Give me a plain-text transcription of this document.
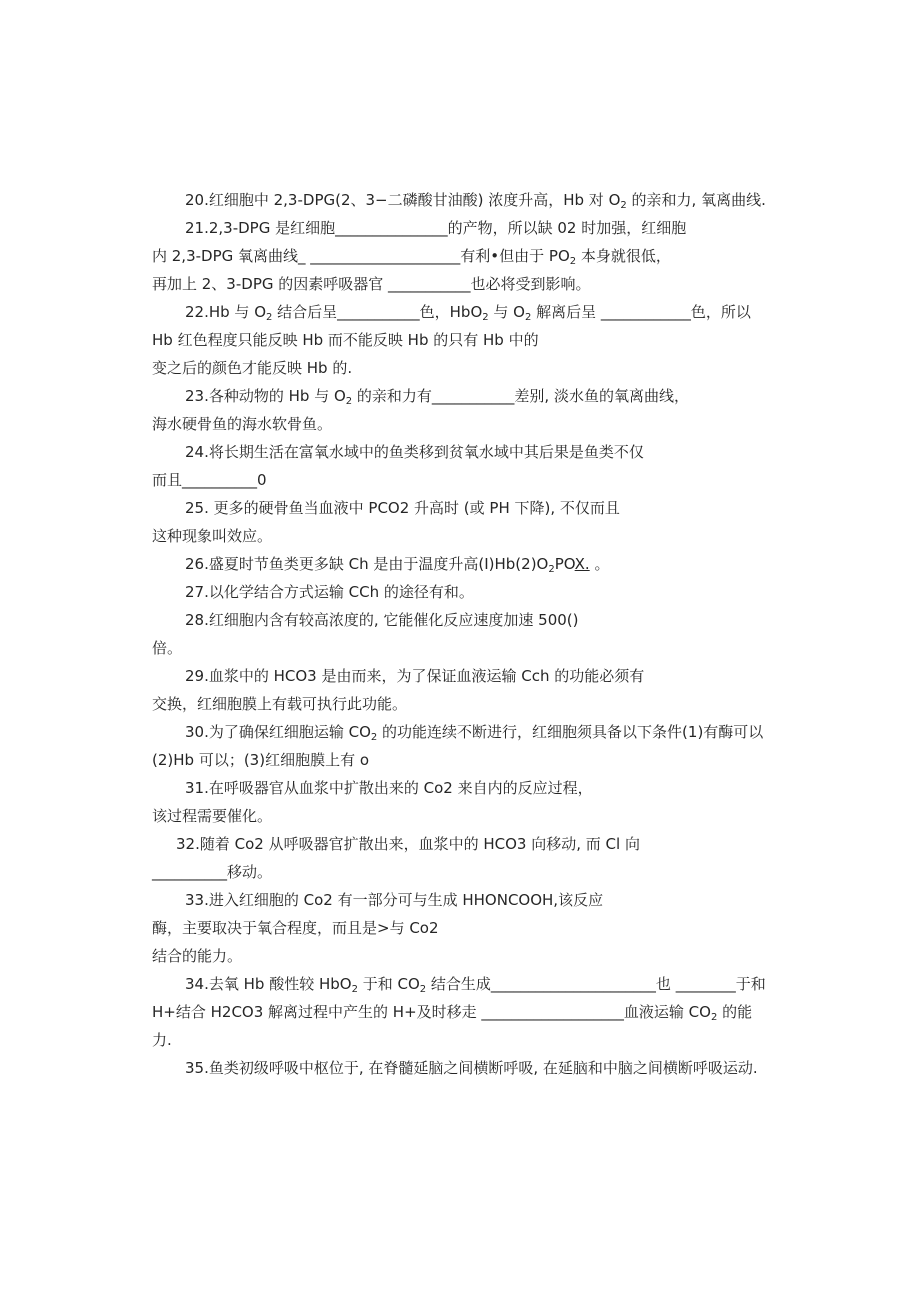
20.红细胞中 2,3-DPG(2、3−二磷酸甘油酸) 浓度升高，Hb 对 $O_2$ 的亲和力, 氧离曲线.
21.2,3-DPG 是红细胞_______________的产物，所以缺 02 时加强，红细胞
内 2,3-DPG 氧离曲线_ ____________________有利•但由于 $PO_2$ 本身就很低，
再加上 2、3-DPG 的因素呼吸器官 ___________也必将受到影响。
22.Hb 与 $O_2$ 结合后呈___________色，HbO$_2$ 与 $O_2$ 解离后呈 ____________色，所以
Hb 红色程度只能反映 Hb 而不能反映 Hb 的只有 Hb 中的
变之后的颜色才能反映 Hb 的.
23.各种动物的 Hb 与 $O_2$ 的亲和力有___________差别, 淡水鱼的氧离曲线，
海水硬骨鱼的海水软骨鱼。
24.将长期生活在富氧水域中的鱼类移到贫氧水域中其后果是鱼类不仅
而且__________0
25. 更多的硬骨鱼当血液中 PCO2 升高时 (或 PH 下降), 不仅而且
这种现象叫效应。
26.盛夏时节鱼类更多缺 Ch 是由于温度升高$(I)Hb(2)O_2POX$. 。
27.以化学结合方式运输 CCh 的途径有和。
28.红细胞内含有较高浓度的, 它能催化反应速度加速 500()
倍。
29.血浆中的 HCO3 是由而来，为了保证血液运输 Cch 的功能必须有
交换，红细胞膜上有载可执行此功能。
30.为了确保红细胞运输 $CO_2$ 的功能连续不断进行，红细胞须具备以下条件(1)有酶可以
(2)Hb 可以；(3)红细胞膜上有 o
31.在呼吸器官从血浆中扩散出来的 Co2 来自内的反应过程，
该过程需要催化。
32.随着 Co2 从呼吸器官扩散出来，血浆中的 HCO3 向移动, 而 Cl 向
__________移动。
33.进入红细胞的 Co2 有一部分可与生成 HHONCOOH,该反应
酶，主要取决于氧合程度，而且是>与 Co2
结合的能力。
34.去氧 Hb 酸性较 HbO$_2$ 于和 $CO_2$ 结合生成______________________也 ________于和
H+结合 H2CO3 解离过程中产生的 H+及时移走 ___________________血液运输 $CO_2$ 的能
力.
35.鱼类初级呼吸中枢位于, 在脊髓延脑之间横断呼吸, 在延脑和中脑之间横断呼吸运动.
